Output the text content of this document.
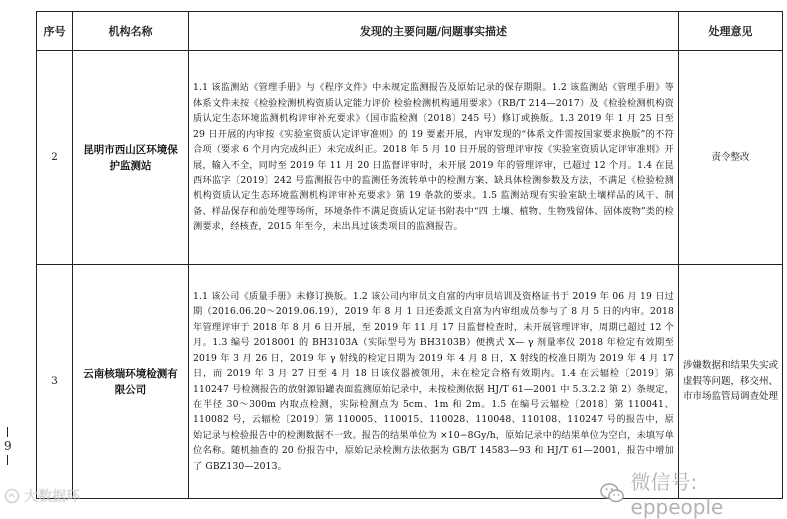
序号	机构名称	发现的主要问题/问题事实描述	处理意见
2	昆明市西山区环境保护监测站	1.1 该监测站《管理手册》与《程序文件》中未规定监测报告及原始记录的保存期限。1.2 该监测站《管理手册》等体系文件未按《检验检测机构资质认定能力评价 检验检测机构通用要求》（RB/T 214—2017）及《检验检测机构资质认定生态环境监测机构评审补充要求》（国市监检测〔2018〕245 号）修订或换版。1.3 2019 年 1 月 25 日至 29 日开展的内审按《实验室资质认定评审准则》的 19 要素开展，内审发现的“体系文件需按国家要求换版”的不符合项（要求 6 个月内完成纠正）未完成纠正。2018 年 5 月 10 日开展的管理评审按《实验室资质认定评审准则》开展，输入不全，同时至 2019 年 11 月 20 日监督评审时，未开展 2019 年的管理评审，已超过 12 个月。1.4 在昆西环监字〔2019〕242 号监测报告中的监测任务流转单中的检测方案、缺具体检测参数及方法，不满足《检验检测机构资质认定生态环境监测机构评审补充要求》第 19 条款的要求。1.5 监测站现有实验室缺土壤样品的风干、制备、样品保存和前处理等场所，环境条件不满足资质认定证书附表中“四 土壤、植物、生物残留体、固体废物”类的检测要求，经核查，2015 年至今，未出具过该类项目的监测报告。	责令整改
3	云南核瑞环境检测有限公司	1.1 该公司《质量手册》未修订换版。1.2 该公司内审员文自富的内审员培训及资格证书于 2019 年 06 月 19 日过期（2016.06.20～2019.06.19），2019 年 8 月 1 日还委派文自富为内审组成员参与了 8 月 5 日的内审。2018 年管理评审于 2018 年 8 月 6 日开展，至 2019 年 11 月 17 日监督检查时，未开展管理评审，周期已超过 12 个月。1.3 编号 2018001 的 BH3103A（实际型号为 BH3103B）便携式 X— γ 剂量率仪 2018 年检定有效期至 2019 年 3 月 26 日，2019 年 γ 射线的检定日期为 2019 年 4 月 8 日，X 射线的校准日期为 2019 年 4 月 17 日，而 2019 年 3 月 27 日至 4 月 18 日该仪器被领用，未在检定合格有效期内。1.4 在云辐检〔2019〕第 110247 号检测报告的放射源铅罐表面监测原始记录中，未按检测依据 HJ/T 61—2001 中 5.3.2.2 第 2）条规定，在半径 30～300m 内取点检测，实际检测点为 5cm、1m 和 2m。1.5 在编号云辐检〔2018〕第 110041、110082 号，云辐检〔2019〕第 110005、110015、110028、110048、110108、110247 号的报告中，原始记录与检验报告中的检测数据不一致。报告的结果单位为 ×10−8Gy/h，原始记录中的结果单位为空白，未填写单位名称。随机抽查的 20 份报告中，原始记录检测方法依据为 GB/T 14583—93 和 HJ/T 61—2001，报告中增加了 GBZ130—2013。	涉嫌数据和结果失实或虚假等问题，移交州、市市场监管局调查处理
9
大数据环
微信号: eppeople
